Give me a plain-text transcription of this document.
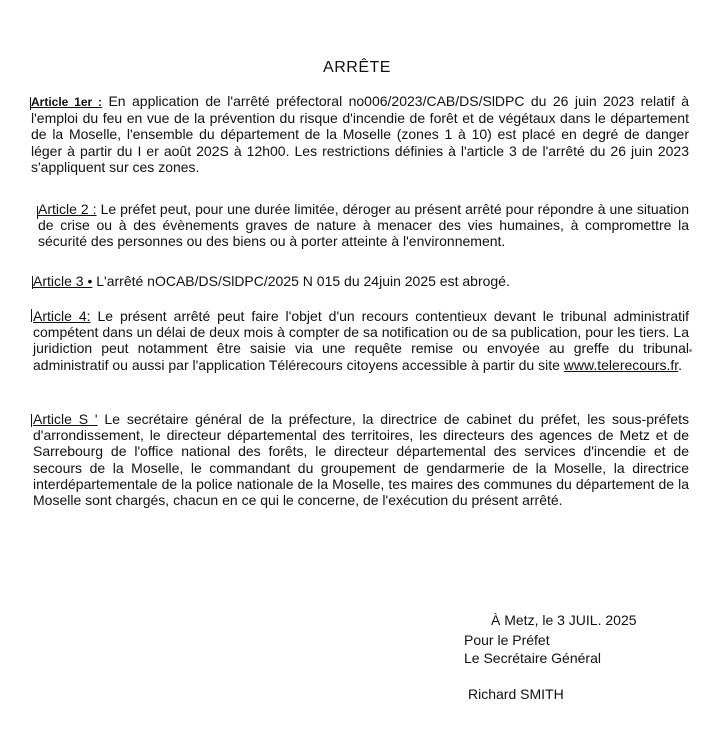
ARRÊTE
Article 1er : En application de l'arrêté préfectoral no006/2023/CAB/DS/SlDPC du 26 juin 2023 relatif à l'emploi du feu en vue de la prévention du risque d'incendie de forêt et de végétaux dans le département de la Moselle, l'ensemble du département de la Moselle (zones 1 à 10) est placé en degré de danger léger à partir du I er août 202S à 12h00. Les restrictions définies à l'article 3 de l'arrêté du 26 juin 2023 s'appliquent sur ces zones.
Article 2 : Le préfet peut, pour une durée limitée, déroger au présent arrêté pour répondre à une situation de crise ou à des évènements graves de nature à menacer des vies humaines, à compromettre la sécurité des personnes ou des biens ou à porter atteinte à l'environnement.
Article 3 • L'arrêté nOCAB/DS/SlDPC/2025 N 015 du 24juin 2025 est abrogé.
Article 4: Le présent arrêté peut faire l'objet d'un recours contentieux devant le tribunal administratif compétent dans un délai de deux mois à compter de sa notification ou de sa publication, pour les tiers. La juridiction peut notamment être saisie via une requête remise ou envoyée au greffe du tribunal administratif ou aussi par l'application Télérecours citoyens accessible à partir du site www.telerecours.fr.
Article S ' Le secrétaire général de la préfecture, la directrice de cabinet du préfet, les sous-préfets d'arrondissement, le directeur départemental des territoires, les directeurs des agences de Metz et de Sarrebourg de l'office national des forêts, le directeur départemental des services d'incendie et de secours de la Moselle, le commandant du groupement de gendarmerie de la Moselle, la directrice interdépartementale de la police nationale de la Moselle, tes maires des communes du département de la Moselle sont chargés, chacun en ce qui le concerne, de l'exécution du présent arrêté.
À Metz, le 3 JUIL. 2025
Pour le Préfet
Le Secrétaire Général
Richard SMITH
